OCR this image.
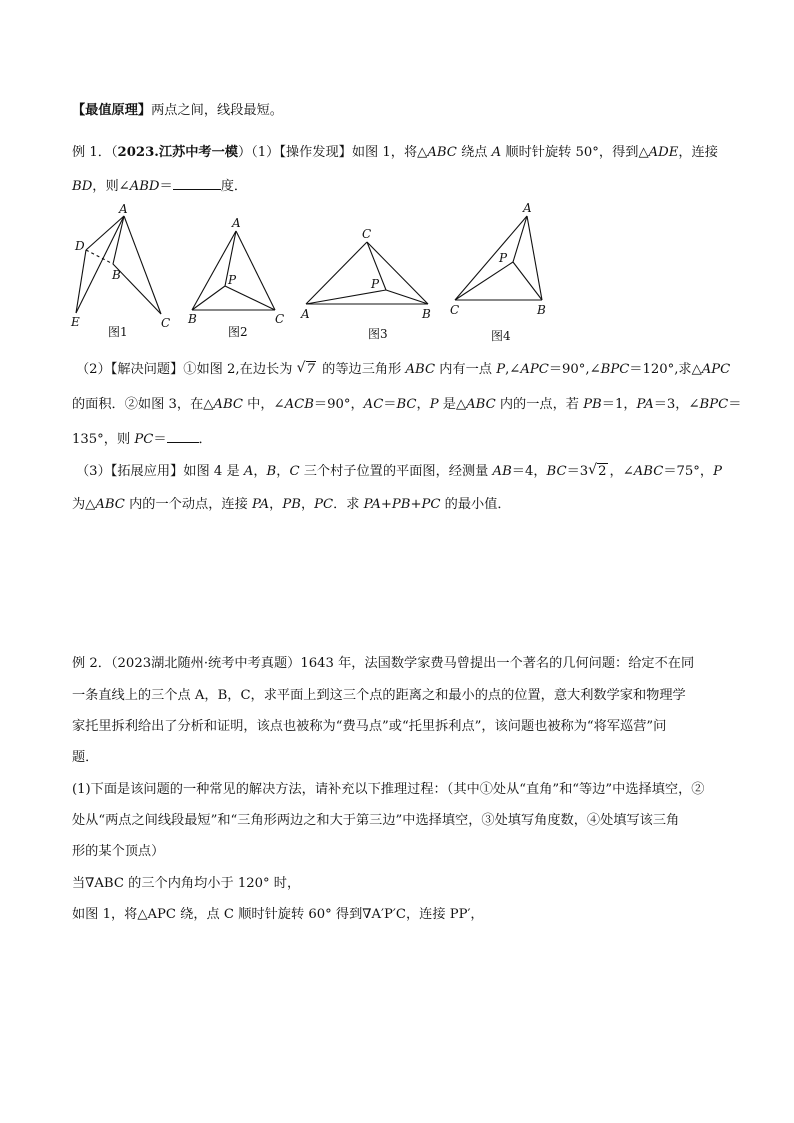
【最值原理】两点之间，线段最短。
例 1．（2023.江苏中考一模）（1）【操作发现】如图 1，将△ABC 绕点 A 顺时针旋转 50°，得到△ADE，连接
BD，则∠ABD＝	度．
A
D
B
E	C
图1
A
P
B	C
图2
C
P
A	B
图3
A
P
C	B
图4
（2）【解决问题】①如图 2,在边长为 √ 7 的等边三角形 ABC 内有一点 P,∠APC＝90°,∠BPC＝120°,求△APC
的面积．②如图 3，在△ABC 中，∠ACB＝90°，AC＝BC，P 是△ABC 内的一点，若 PB＝1，PA＝3，∠BPC＝
135°，则 PC＝ ．
（3）【拓展应用】如图 4 是 A，B，C 三个村子位置的平面图，经测量 AB＝4，BC＝3 √ 2 ，∠ABC＝75°，P
为△ABC 内的一个动点，连接 PA，PB，PC．求 PA+PB+PC 的最小值．
例 2．（2023湖北随州·统考中考真题）1643 年，法国数学家费马曾提出一个著名的几何问题：给定不在同
一条直线上的三个点 A，B，C，求平面上到这三个点的距离之和最小的点的位置，意大利数学家和物理学
家托里拆利给出了分析和证明，该点也被称为“费马点”或“托里拆利点”，该问题也被称为“将军巡营”问
题．
(1)下面是该问题的一种常见的解决方法，请补充以下推理过程：（其中①处从“直角”和“等边”中选择填空，②
处从“两点之间线段最短”和“三角形两边之和大于第三边”中选择填空，③处填写角度数，④处填写该三角
形的某个顶点）
当∇ABC 的三个内角均小于 120° 时，
如图 1，将△APC 绕，点 C 顺时针旋转 60° 得到∇A′P′C，连接 PP′，
